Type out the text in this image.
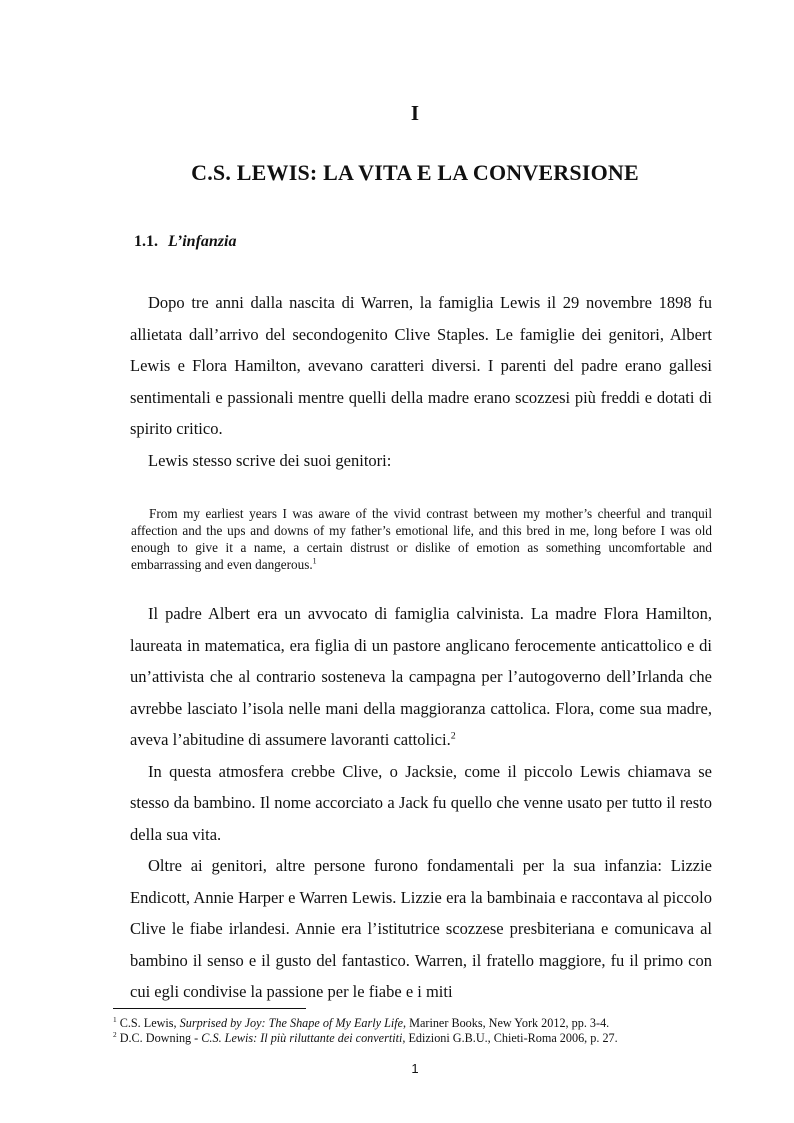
I
C.S. LEWIS: LA VITA E LA CONVERSIONE
1.1. L’infanzia

Dopo tre anni dalla nascita di Warren, la famiglia Lewis il 29 novembre 1898 fu allietata dall’arrivo del secondogenito Clive Staples. Le famiglie dei genitori, Albert Lewis e Flora Hamilton, avevano caratteri diversi. I parenti del padre erano gallesi sentimentali e passionali mentre quelli della madre erano scozzesi più freddi e dotati di spirito critico.

Lewis stesso scrive dei suoi genitori:

From my earliest years I was aware of the vivid contrast between my mother’s cheerful and tranquil affection and the ups and downs of my father’s emotional life, and this bred in me, long before I was old enough to give it a name, a certain distrust or dislike of emotion as something uncomfortable and embarrassing and even dangerous.$^1$

Il padre Albert era un avvocato di famiglia calvinista. La madre Flora Hamilton, laureata in matematica, era figlia di un pastore anglicano ferocemente anticattolico e di un’attivista che al contrario sosteneva la campagna per l’autogoverno dell’Irlanda che avrebbe lasciato l’isola nelle mani della maggioranza cattolica. Flora, come sua madre, aveva l’abitudine di assumere lavoranti cattolici.$^2$

In questa atmosfera crebbe Clive, o Jacksie, come il piccolo Lewis chiamava se stesso da bambino. Il nome accorciato a Jack fu quello che venne usato per tutto il resto della sua vita.

Oltre ai genitori, altre persone furono fondamentali per la sua infanzia: Lizzie Endicott, Annie Harper e Warren Lewis. Lizzie era la bambinaia e raccontava al piccolo Clive le fiabe irlandesi. Annie era l’istitutrice scozzese presbiteriana e comunicava al bambino il senso e il gusto del fantastico. Warren, il fratello maggiore, fu il primo con cui egli condivise la passione per le fiabe e i miti

$^1$ C.S. Lewis, Surprised by Joy: The Shape of My Early Life, Mariner Books, New York 2012, pp. 3-4.
$^2$ D.C. Downing - C.S. Lewis: Il più riluttante dei convertiti, Edizioni G.B.U., Chieti-Roma 2006, p. 27.
1
